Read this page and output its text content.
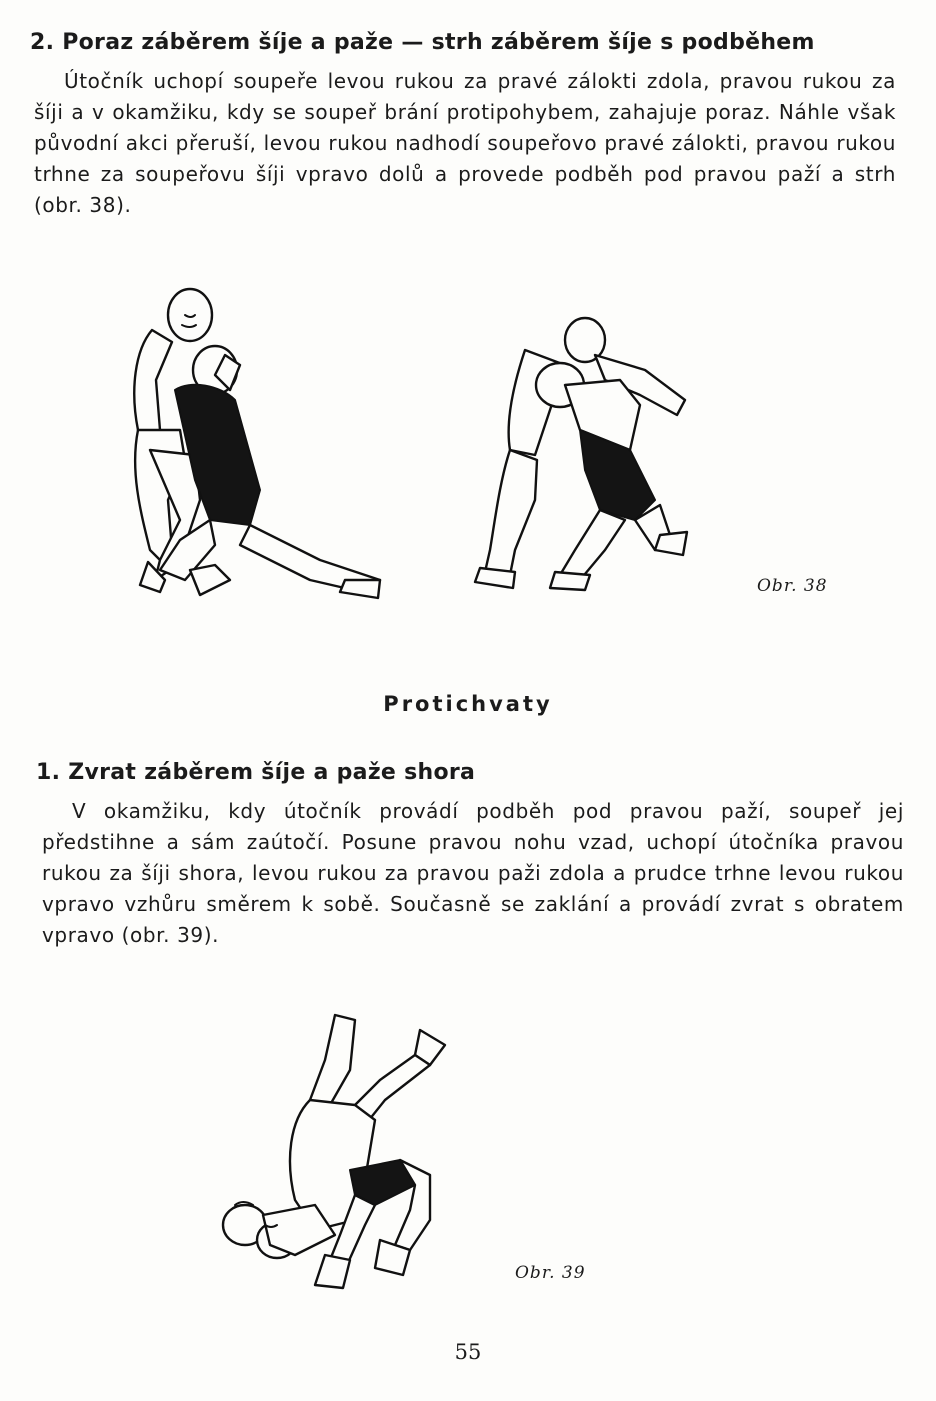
2. Poraz záběrem šíje a paže — strh záběrem šíje s podběhem

Útočník uchopí soupeře levou rukou za pravé zálokti zdola, pravou rukou za šíji a v okamžiku, kdy se soupeř brání protipohybem, zahajuje poraz. Náhle však původní akci přeruší, levou rukou nadhodí soupeřovo pravé zálokti, pravou rukou trhne za soupeřovu šíji vpravo dolů a provede podběh pod pravou paží a strh (obr. 38).

Obr. 38
Protichvaty
1. Zvrat záběrem šíje a paže shora

V okamžiku, kdy útočník provádí podběh pod pravou paží, soupeř jej předstihne a sám zaútočí. Posune pravou nohu vzad, uchopí útočníka pravou rukou za šíji shora, levou rukou za pravou paži zdola a prudce trhne levou rukou vpravo vzhůru směrem k sobě. Současně se zaklání a provádí zvrat s obratem vpravo (obr. 39).

Obr. 39
55
